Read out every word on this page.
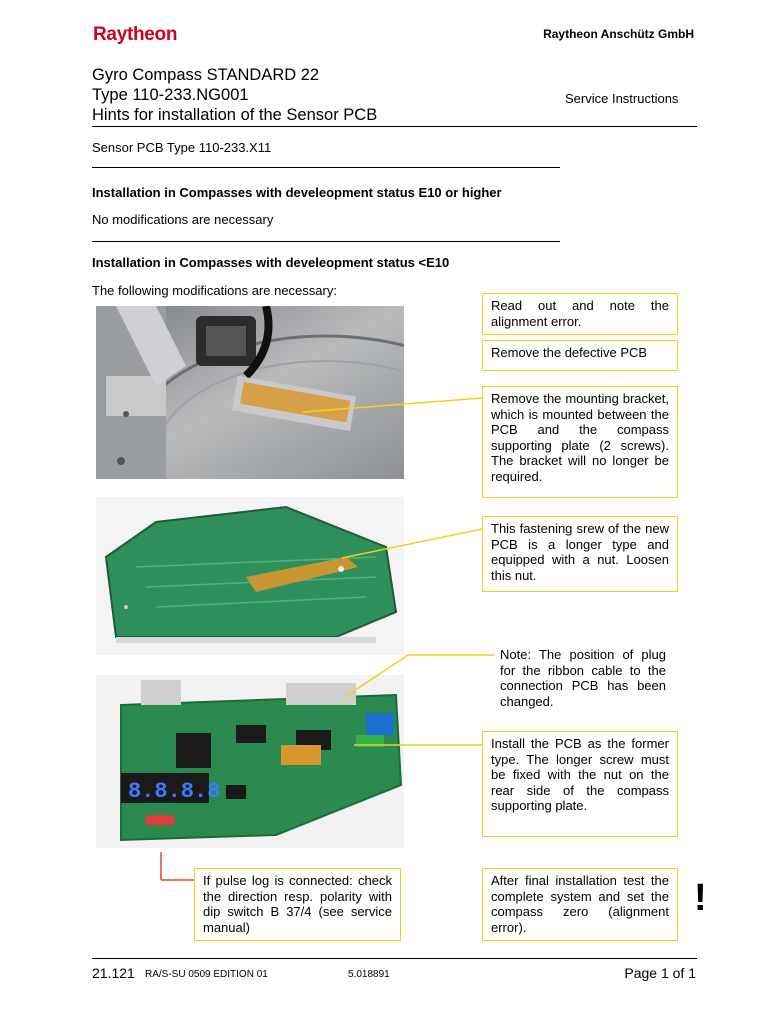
Raytheon	Raytheon Anschütz GmbH
Gyro Compass STANDARD 22
Type 110-233.NG001
Hints for installation of the Sensor PCB
Service Instructions
Sensor PCB Type 110-233.X11
Installation in Compasses with develeopment status E10 or higher
No modifications are necessary
Installation in Compasses with develeopment status <E10
The following modifications are necessary:
8.8.8.8
Read out and note the alignment error.
Remove the defective PCB
Remove the mounting bracket, which is mounted between the PCB and the compass supporting plate (2 screws). The bracket will no longer be required.
This fastening srew of the new PCB is a longer type and equipped with a nut. Loosen this nut.
Note: The position of plug for the ribbon cable to the connection PCB has been changed.
Install the PCB as the former type. The longer screw must be fixed with the nut on the rear side of the compass supporting plate.
If pulse log is connected: check the direction resp. polarity with dip switch B 37/4 (see service manual)
After final installation test the complete system and set the compass zero (alignment error).
!
21.121 RA/S-SU 0509 EDITION 01	5.018891	Page 1 of 1
